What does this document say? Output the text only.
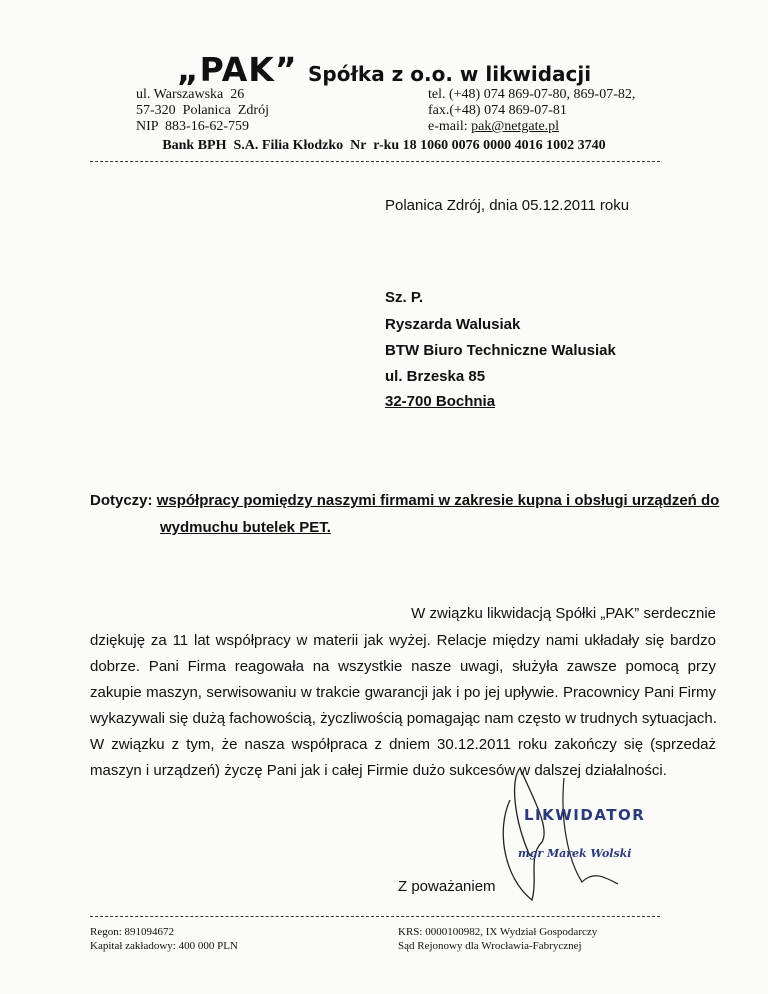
„PAK” Spółka z o.o. w likwidacji
ul. Warszawska  26
57-320  Polanica  Zdrój
NIP  883-16-62-759
tel. (+48) 074 869-07-80, 869-07-82,
fax.(+48) 074 869-07-81
e-mail: pak@netgate.pl
Bank BPH  S.A. Filia Kłodzko  Nr  r-ku 18 1060 0076 0000 4016 1002 3740
Polanica Zdrój, dnia 05.12.2011 roku
Sz. P.
Ryszarda Walusiak
BTW Biuro Techniczne Walusiak
ul. Brzeska 85
32-700 Bochnia
Dotyczy: współpracy pomiędzy naszymi firmami w zakresie kupna i obsługi urządzeń do
wydmuchu butelek PET.
W związku likwidacją Spółki „PAK” serdecznie
dziękuję za 11 lat współpracy w materii jak wyżej. Relacje między nami układały się bardzo
dobrze. Pani Firma reagowała na wszystkie nasze uwagi, służyła zawsze pomocą przy
zakupie maszyn, serwisowaniu w trakcie gwarancji jak i po jej upływie. Pracownicy Pani Firmy
wykazywali się dużą fachowością, życzliwością pomagając nam często w trudnych sytuacjach.
W związku z tym, że nasza współpraca z dniem 30.12.2011 roku zakończy się (sprzedaż
maszyn i urządzeń) życzę Pani jak i całej Firmie dużo sukcesów w dalszej działalności.
Z poważaniem
LIKWIDATOR
mgr Marek Wolski
Regon: 891094672
Kapitał zakładowy: 400 000 PLN
KRS: 0000100982, IX Wydział Gospodarczy
Sąd Rejonowy dla Wrocławia-Fabrycznej
